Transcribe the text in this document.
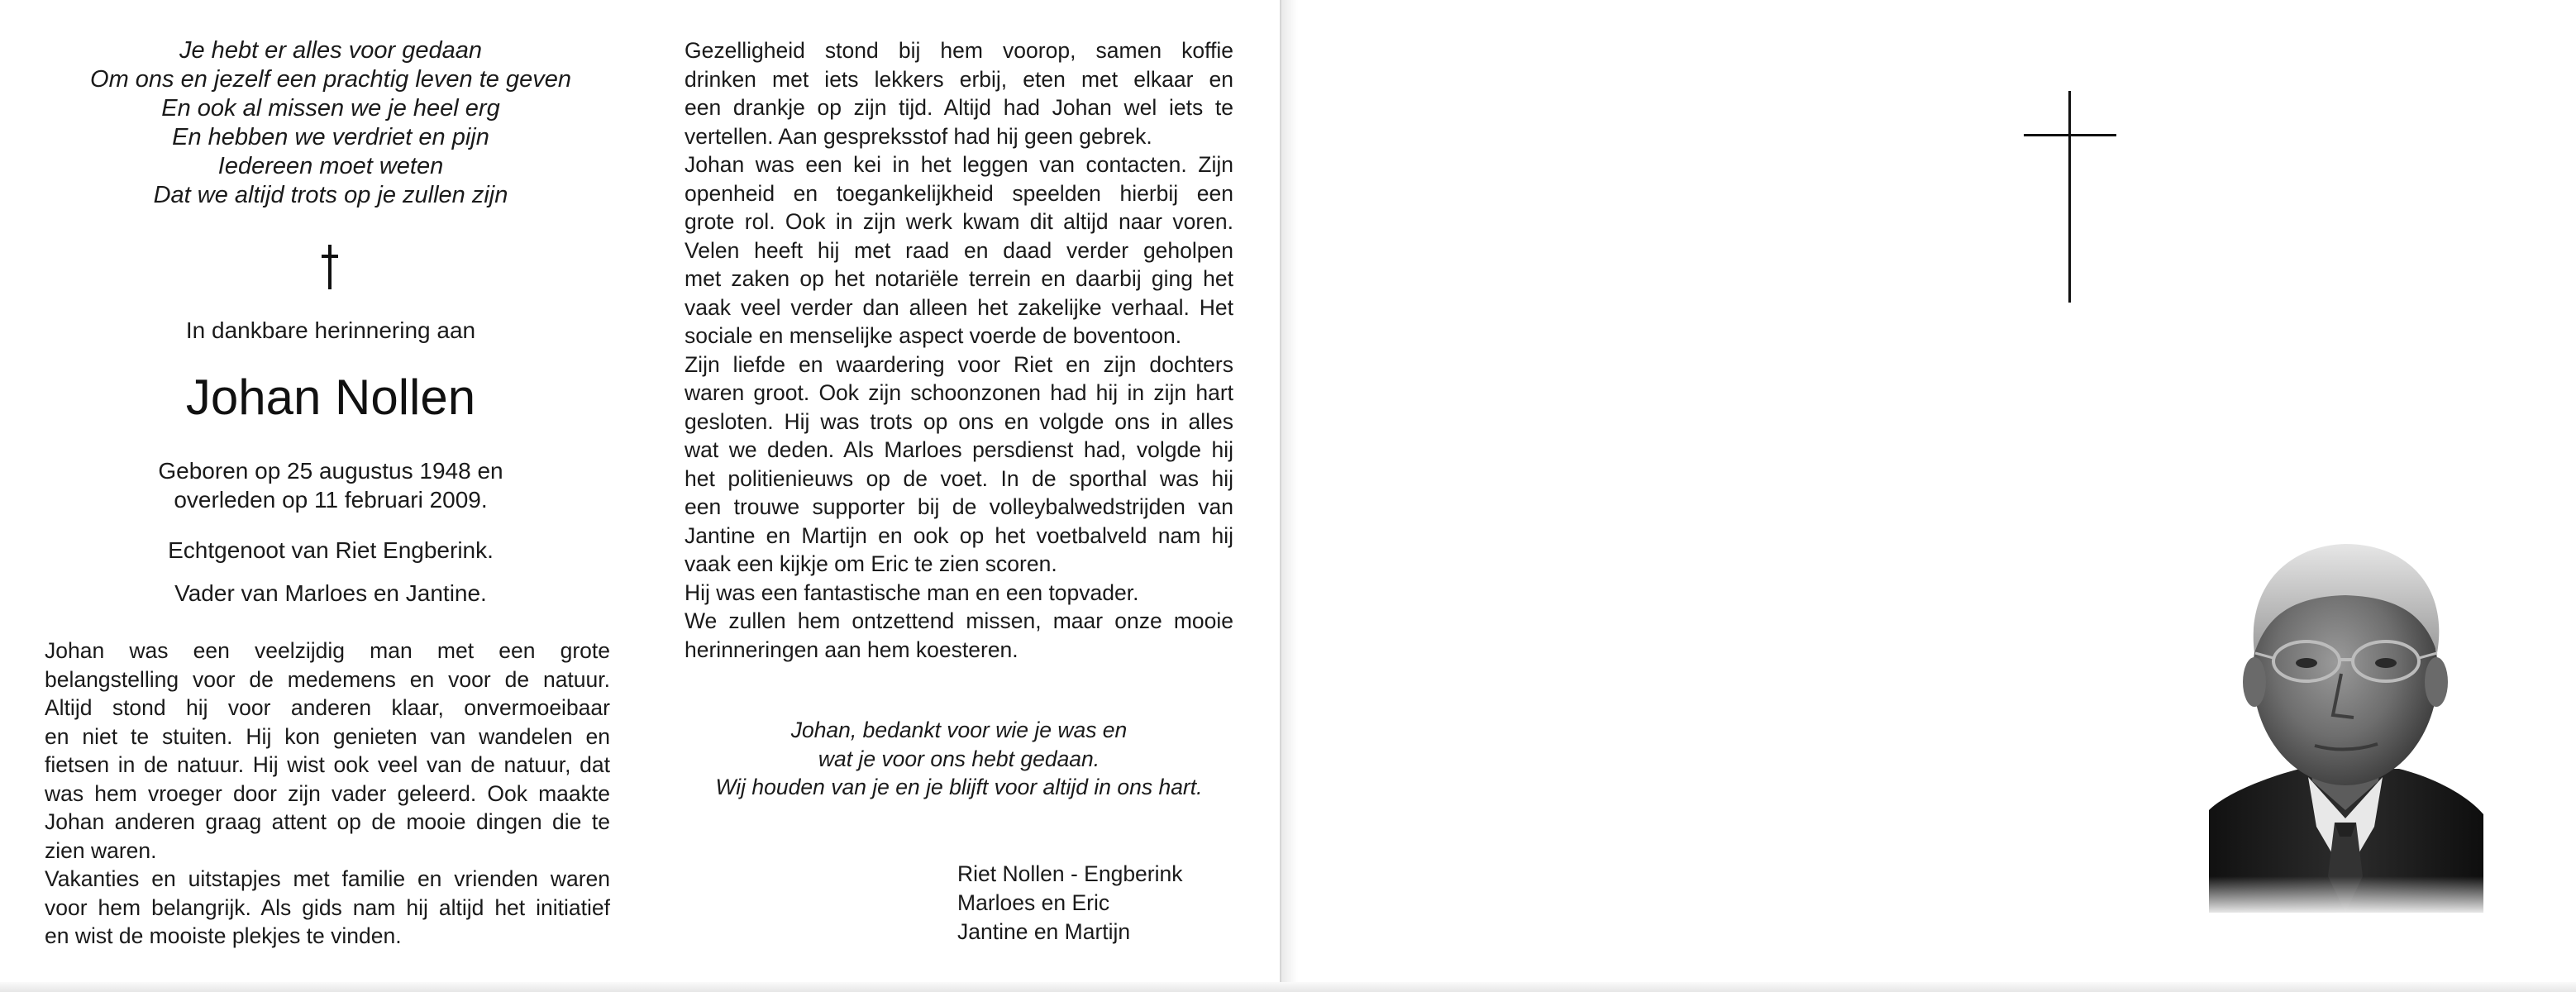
Je hebt er alles voor gedaan
Om ons en jezelf een prachtig leven te geven
En ook al missen we je heel erg
En hebben we verdriet en pijn
Iedereen moet weten
Dat we altijd trots op je zullen zijn
In dankbare herinnering aan
Johan Nollen
Geboren op 25 augustus 1948 en
overleden op 11 februari 2009.
Echtgenoot van Riet Engberink.
Vader van Marloes en Jantine.
Johan was een veelzijdig man met een grote
belangstelling voor de medemens en voor de natuur.
Altijd stond hij voor anderen klaar, onvermoeibaar
en niet te stuiten. Hij kon genieten van wandelen en
fietsen in de natuur. Hij wist ook veel van de natuur, dat
was hem vroeger door zijn vader geleerd. Ook maakte
Johan anderen graag attent op de mooie dingen die te
zien waren.
Vakanties en uitstapjes met familie en vrienden waren
voor hem belangrijk. Als gids nam hij altijd het initiatief
en wist de mooiste plekjes te vinden.
Gezelligheid stond bij hem voorop, samen koffie
drinken met iets lekkers erbij, eten met elkaar en
een drankje op zijn tijd. Altijd had Johan wel iets te
vertellen. Aan gespreksstof had hij geen gebrek.
Johan was een kei in het leggen van contacten. Zijn
openheid en toegankelijkheid speelden hierbij een
grote rol. Ook in zijn werk kwam dit altijd naar voren.
Velen heeft hij met raad en daad verder geholpen
met zaken op het notariële terrein en daarbij ging het
vaak veel verder dan alleen het zakelijke verhaal. Het
sociale en menselijke aspect voerde de boventoon.
Zijn liefde en waardering voor Riet en zijn dochters
waren groot. Ook zijn schoonzonen had hij in zijn hart
gesloten. Hij was trots op ons en volgde ons in alles
wat we deden. Als Marloes persdienst had, volgde hij
het politienieuws op de voet. In de sporthal was hij
een trouwe supporter bij de volleybalwedstrijden van
Jantine en Martijn en ook op het voetbalveld nam hij
vaak een kijkje om Eric te zien scoren.
Hij was een fantastische man en een topvader.
We zullen hem ontzettend missen, maar onze mooie
herinneringen aan hem koesteren.
Johan, bedankt voor wie je was en
wat je voor ons hebt gedaan.
Wij houden van je en je blijft voor altijd in ons hart.
Riet Nollen - Engberink
Marloes en Eric
Jantine en Martijn
